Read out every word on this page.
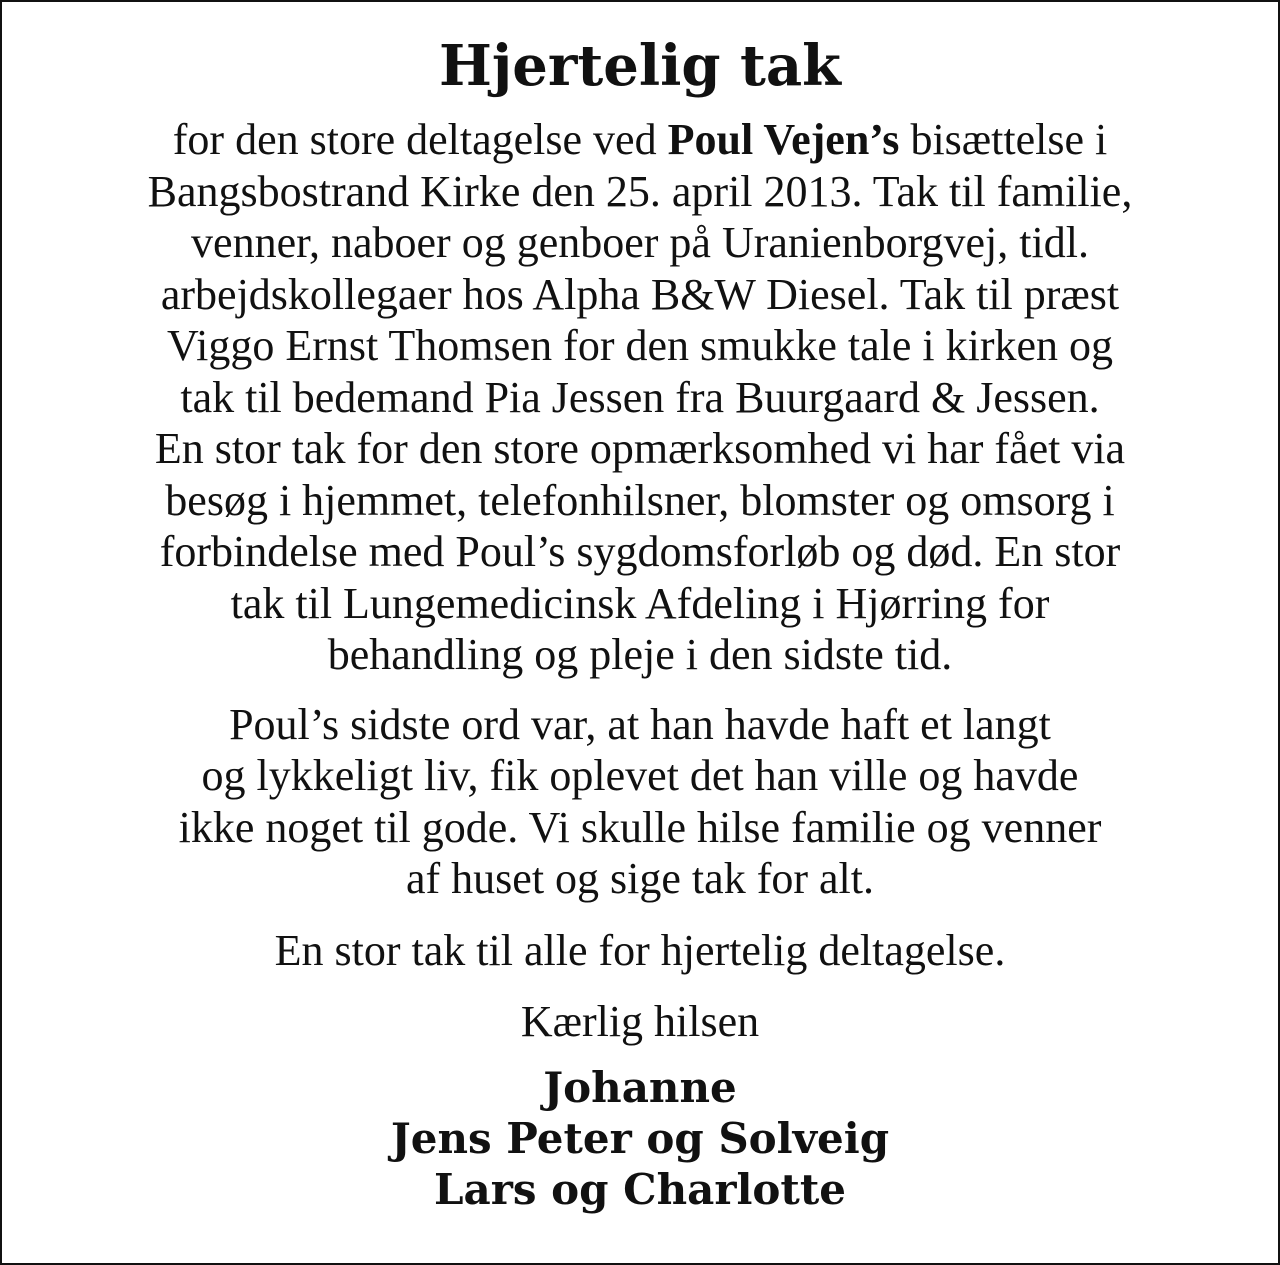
Hjertelig tak

for den store deltagelse ved Poul Vejen’s bisættelse i
Bangsbostrand Kirke den 25. april 2013. Tak til familie,
venner, naboer og genboer på Uranienborgvej, tidl.
arbejdskollegaer hos Alpha B&W Diesel. Tak til præst
Viggo Ernst Thomsen for den smukke tale i kirken og
tak til bedemand Pia Jessen fra Buurgaard & Jessen.
En stor tak for den store opmærksomhed vi har fået via
besøg i hjemmet, telefonhilsner, blomster og omsorg i
forbindelse med Poul’s sygdomsforløb og død. En stor
tak til Lungemedicinsk Afdeling i Hjørring for
behandling og pleje i den sidste tid.

Poul’s sidste ord var, at han havde haft et langt
og lykkeligt liv, fik oplevet det han ville og havde
ikke noget til gode. Vi skulle hilse familie og venner
af huset og sige tak for alt.

En stor tak til alle for hjertelig deltagelse.

Kærlig hilsen

Johanne
Jens Peter og Solveig
Lars og Charlotte
